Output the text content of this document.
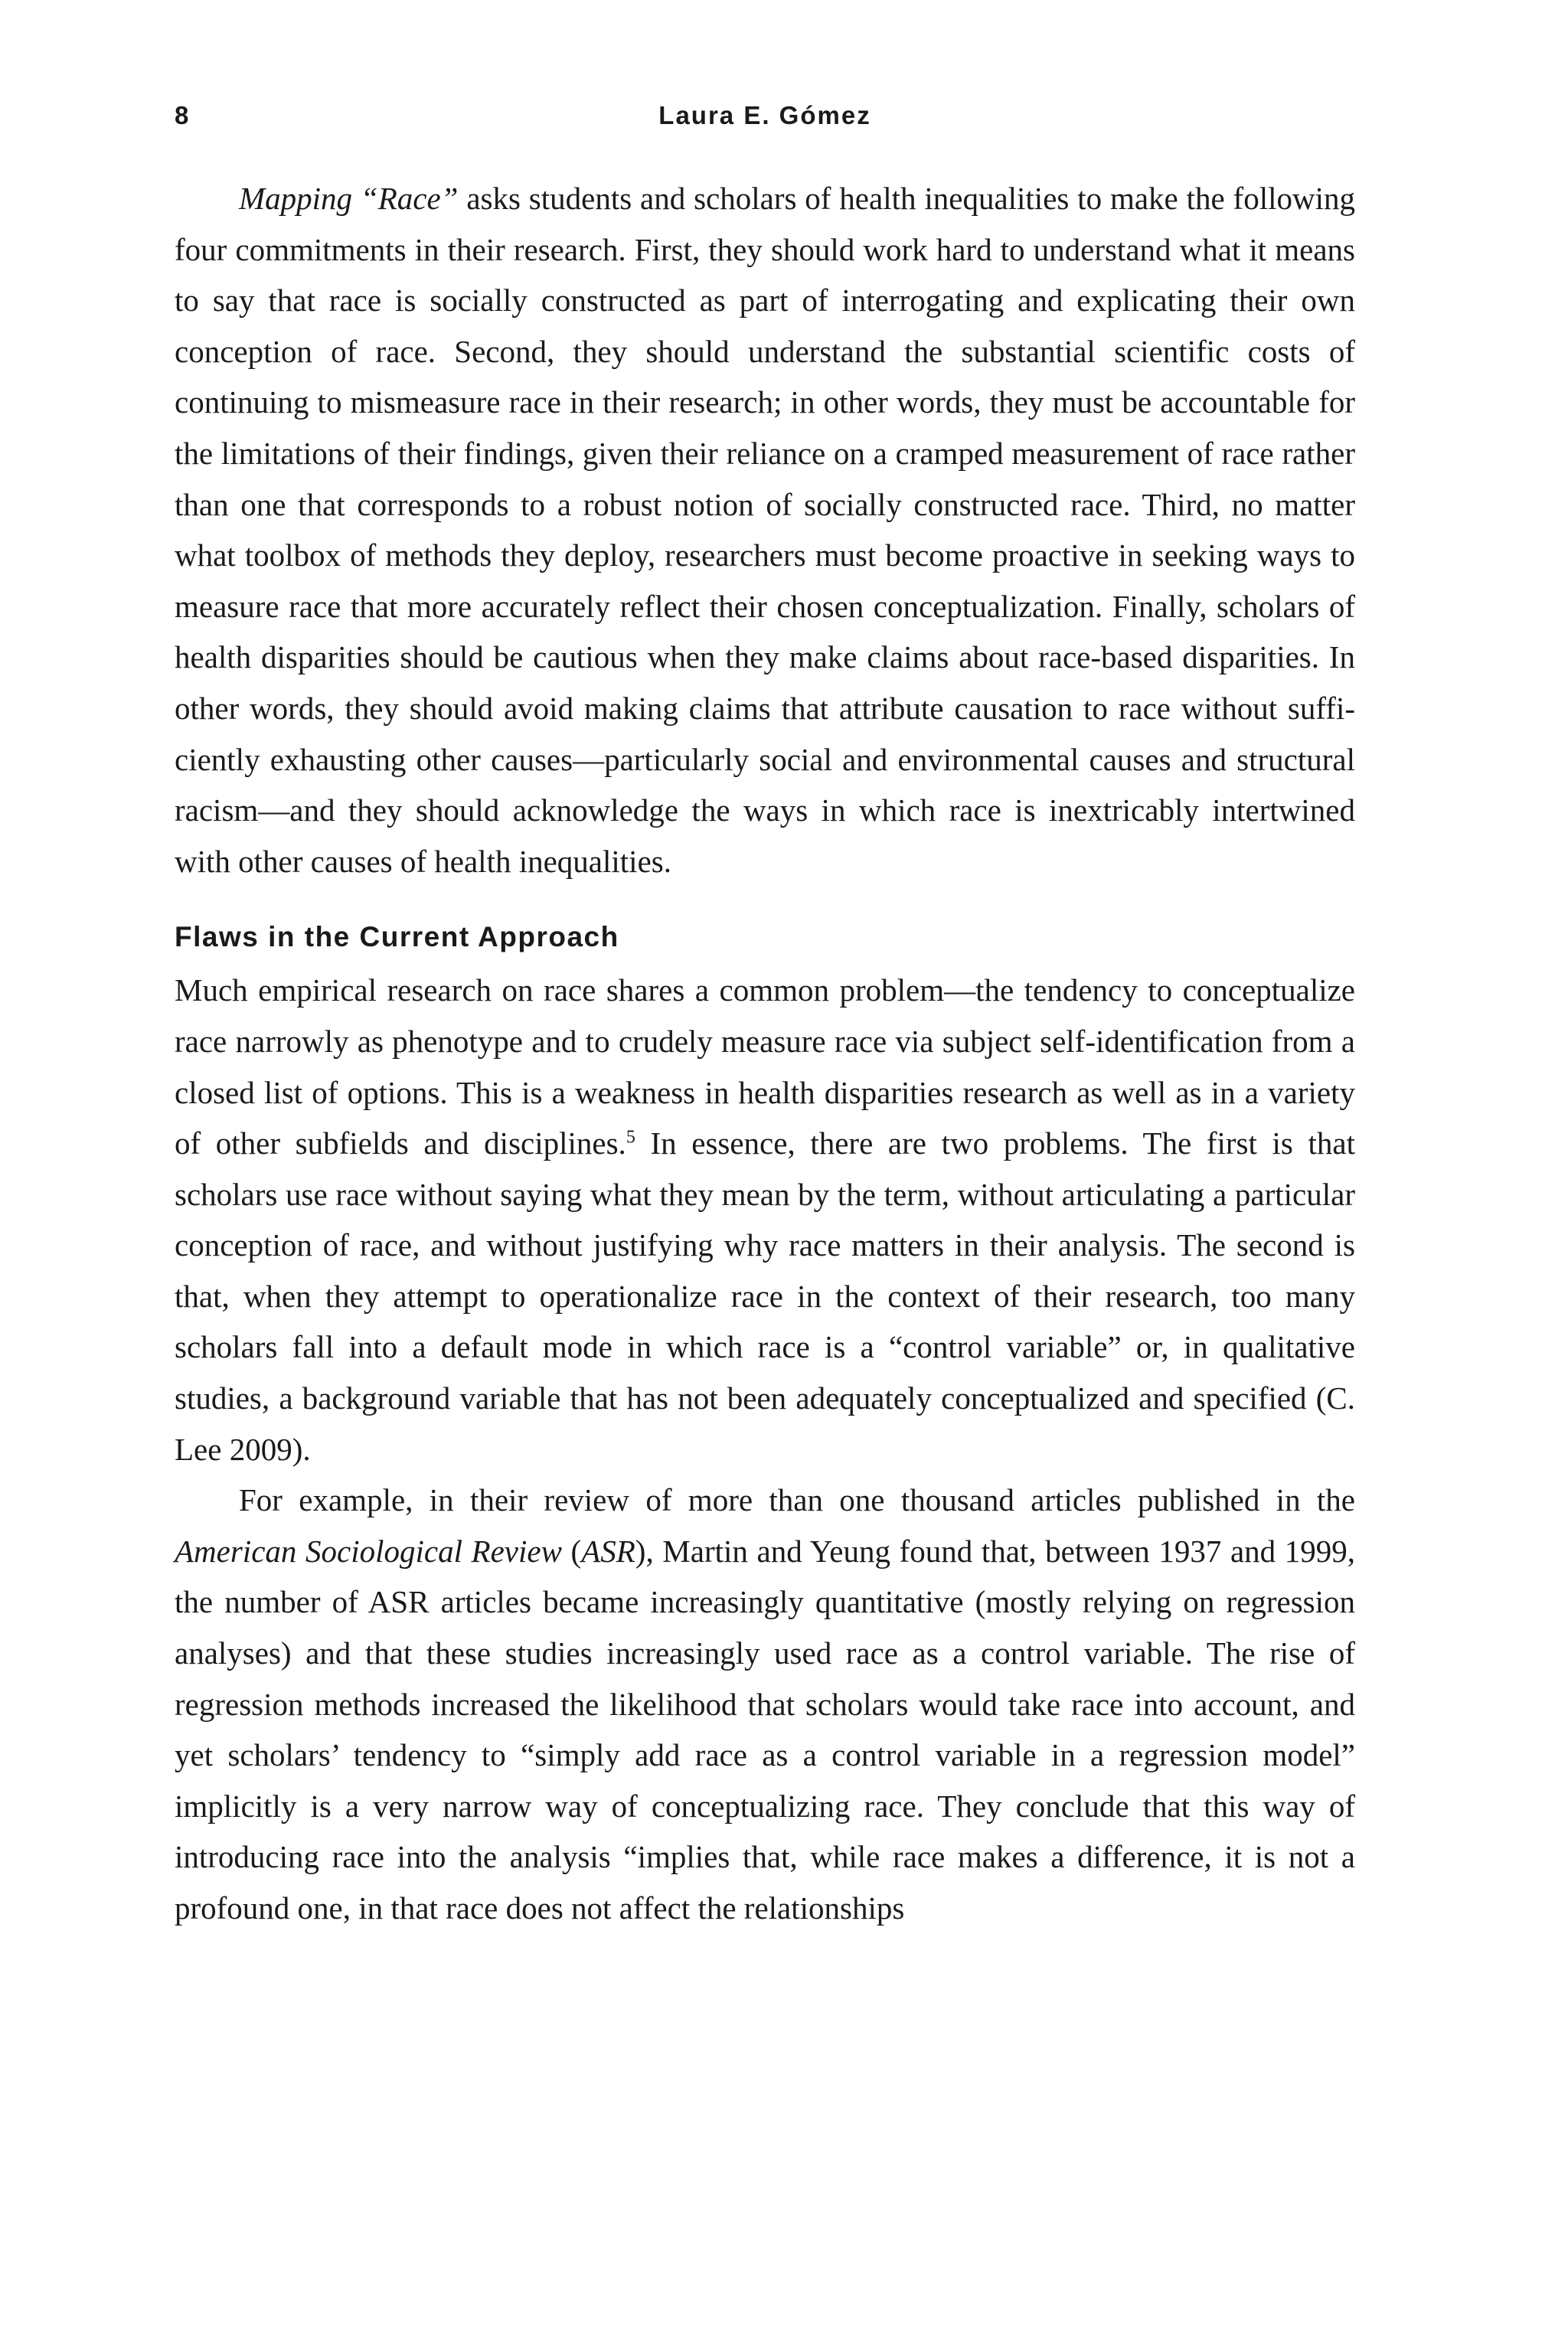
8	Laura E. Gómez

Mapping “Race” asks students and scholars of health inequalities to make the following four commitments in their research. First, they should work hard to understand what it means to say that race is socially constructed as part of interrogating and explicating their own conception of race. Second, they should understand the substantial scientific costs of continuing to mismeasure race in their research; in other words, they must be accountable for the limitations of their findings, given their reliance on a cramped measurement of race rather than one that corresponds to a robust notion of socially constructed race. Third, no matter what toolbox of methods they deploy, researchers must become proactive in seeking ways to measure race that more accurately reflect their chosen conceptualization. Finally, scholars of health disparities should be cautious when they make claims about race-based disparities. In other words, they should avoid making claims that attribute causation to race without sufficiently exhausting other causes—particularly social and environmental causes and structural racism—and they should acknowledge the ways in which race is inextricably intertwined with other causes of health inequalities.

Flaws in the Current Approach

Much empirical research on race shares a common problem—the tendency to conceptualize race narrowly as phenotype and to crudely measure race via subject self-identification from a closed list of options. This is a weakness in health disparities research as well as in a variety of other subfields and disciplines.$^5$ In essence, there are two problems. The first is that scholars use race without saying what they mean by the term, without articulating a particular conception of race, and without justifying why race matters in their analysis. The second is that, when they attempt to operationalize race in the context of their research, too many scholars fall into a default mode in which race is a “control variable” or, in qualitative studies, a background variable that has not been adequately conceptualized and specified (C. Lee 2009).

For example, in their review of more than one thousand articles published in the American Sociological Review (ASR), Martin and Yeung found that, between 1937 and 1999, the number of ASR articles became increasingly quantitative (mostly relying on regression analyses) and that these studies increasingly used race as a control variable. The rise of regression methods increased the likelihood that scholars would take race into account, and yet scholars’ tendency to “simply add race as a control variable in a regression model” implicitly is a very narrow way of conceptualizing race. They conclude that this way of introducing race into the analysis “implies that, while race makes a difference, it is not a profound one, in that race does not affect the relationships
